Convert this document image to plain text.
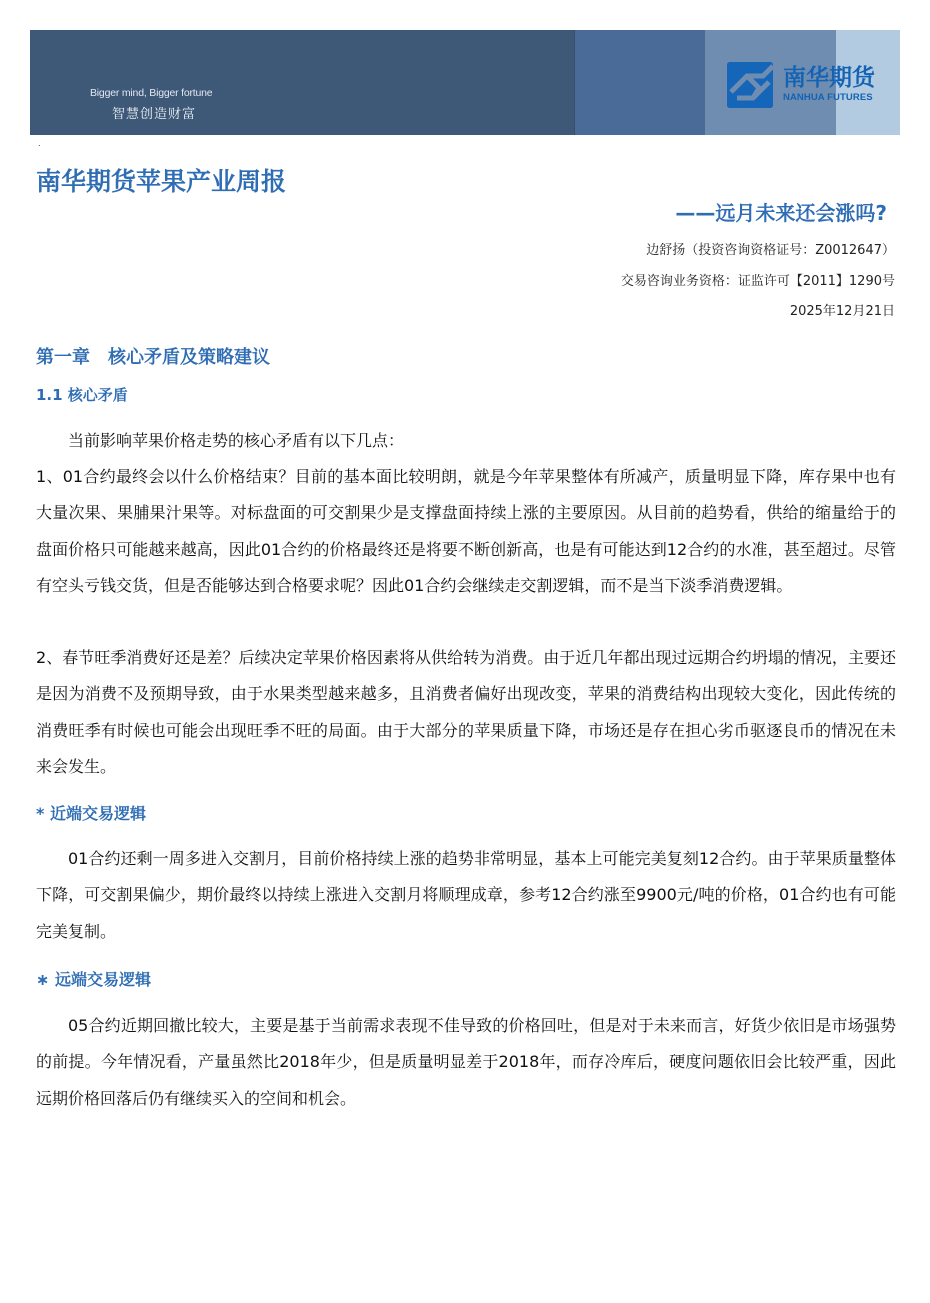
Bigger mind, Bigger fortune
智慧创造财富
南华期货
NANHUA FUTURES
.
南华期货苹果产业周报
——远月未来还会涨吗?
边舒扬（投资咨询资格证号：Z0012647）
交易咨询业务资格：证监许可【2011】1290号
2025年12月21日
第一章　核心矛盾及策略建议
1.1 核心矛盾
当前影响苹果价格走势的核心矛盾有以下几点：
1、01合约最终会以什么价格结束？目前的基本面比较明朗，就是今年苹果整体有所减产，质量明显下降，库存果中也有大量次果、果脯果汁果等。对标盘面的可交割果少是支撑盘面持续上涨的主要原因。从目前的趋势看，供给的缩量给于的盘面价格只可能越来越高，因此01合约的价格最终还是将要不断创新高，也是有可能达到12合约的水准，甚至超过。尽管有空头亏钱交货，但是否能够达到合格要求呢？因此01合约会继续走交割逻辑，而不是当下淡季消费逻辑。
2、春节旺季消费好还是差？后续决定苹果价格因素将从供给转为消费。由于近几年都出现过远期合约坍塌的情况，主要还是因为消费不及预期导致，由于水果类型越来越多，且消费者偏好出现改变，苹果的消费结构出现较大变化，因此传统的消费旺季有时候也可能会出现旺季不旺的局面。由于大部分的苹果质量下降，市场还是存在担心劣币驱逐良币的情况在未来会发生。
* 近端交易逻辑
01合约还剩一周多进入交割月，目前价格持续上涨的趋势非常明显，基本上可能完美复刻12合约。由于苹果质量整体下降，可交割果偏少，期价最终以持续上涨进入交割月将顺理成章，参考12合约涨至9900元/吨的价格，01合约也有可能完美复制。
∗ 远端交易逻辑
05合约近期回撤比较大，主要是基于当前需求表现不佳导致的价格回吐，但是对于未来而言，好货少依旧是市场强势的前提。今年情况看，产量虽然比2018年少，但是质量明显差于2018年，而存冷库后，硬度问题依旧会比较严重，因此远期价格回落后仍有继续买入的空间和机会。
